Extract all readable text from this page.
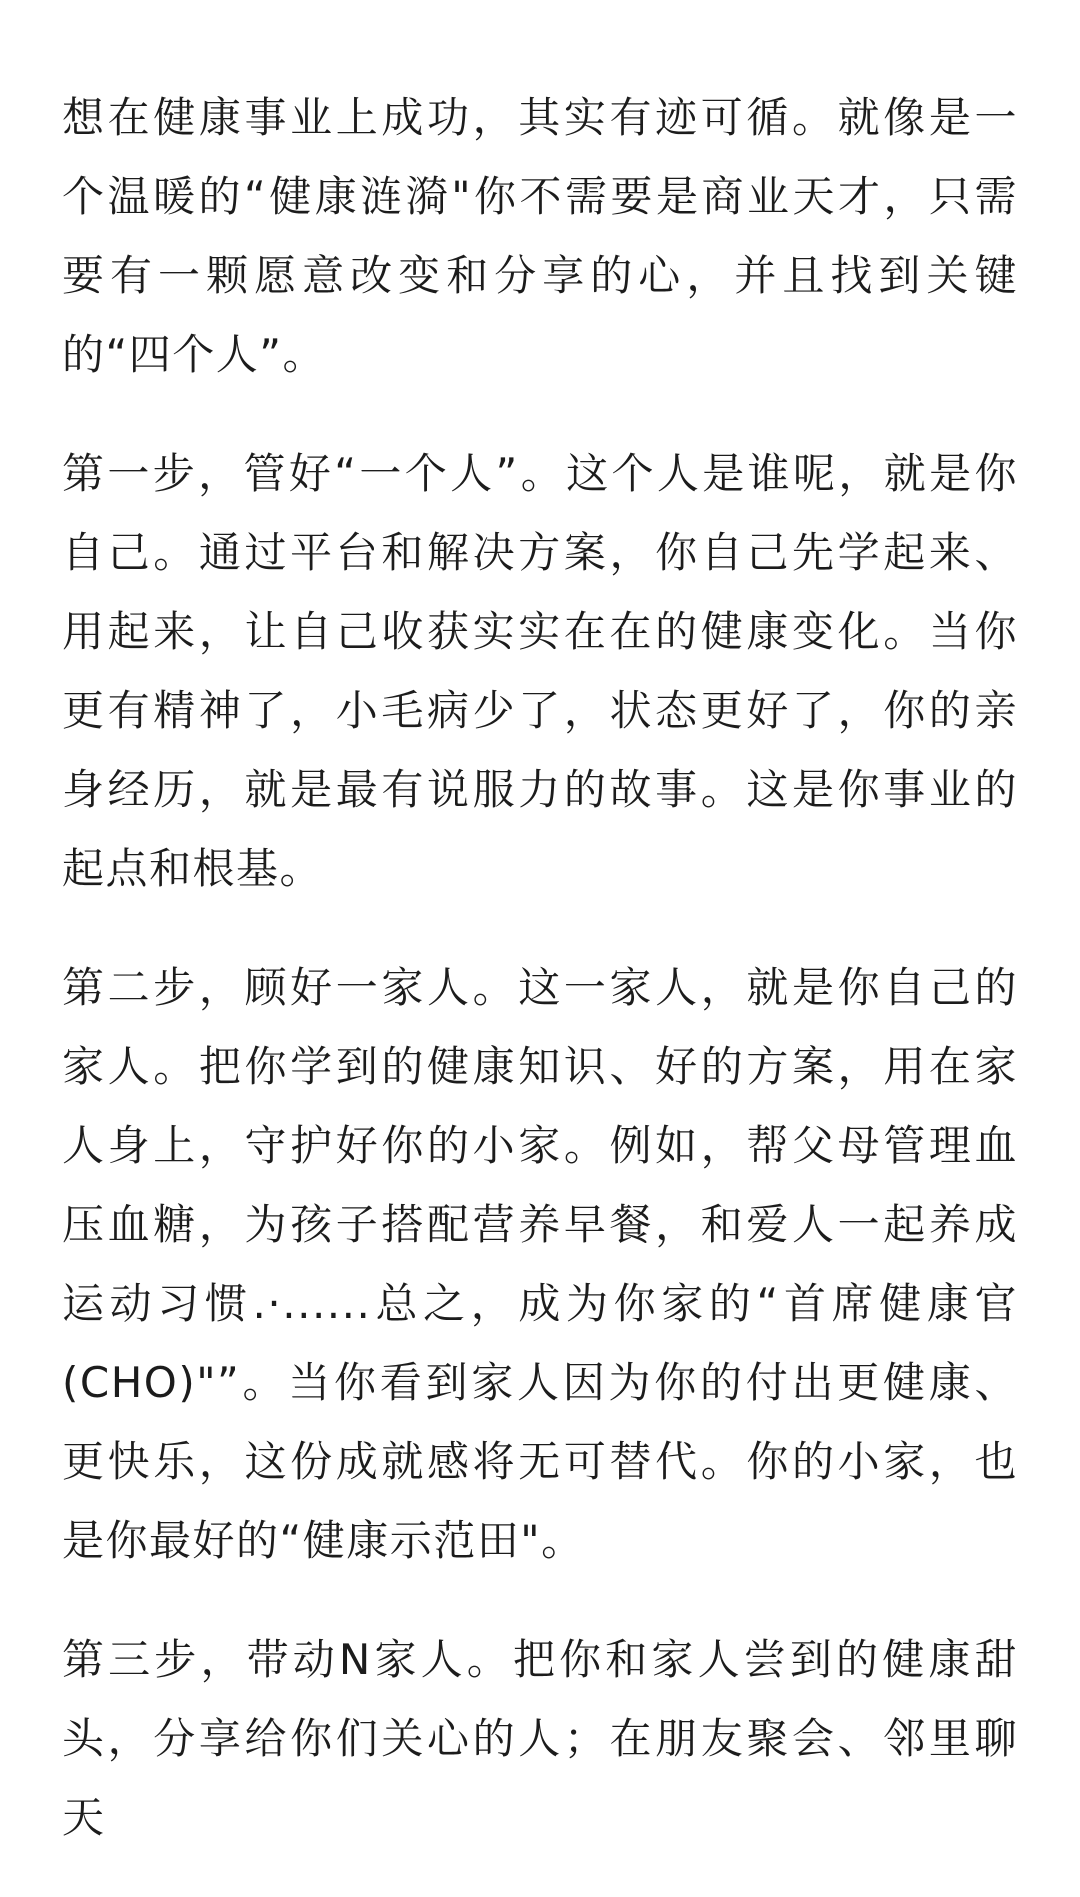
想在健康事业上成功，其实有迹可循。就像是一个温暖的“健康涟漪"你不需要是商业天才，只需要有一颗愿意改变和分享的心，并且找到关键的“四个人”。

第一步，管好“一个人”。这个人是谁呢，就是你自己。通过平台和解决方案，你自己先学起来、 用起来，让自己收获实实在在的健康变化。当你更有精神了，小毛病少了，状态更好了，你的亲身经历，就是最有说服力的故事。这是你事业的起点和根基。

第二步，顾好一家人。这一家人，就是你自己的家人。把你学到的健康知识、好的方案，用在家人身上，守护好你的小家。例如，帮父母管理血压血糖，为孩子搭配营养早餐，和爱人一起养成运动习惯.·......总之，成为你家的“首席健康官(CHO)"”。当你看到家人因为你的付出更健康、更快乐，这份成就感将无可替代。你的小家，也是你最好的“健康示范田"。

第三步，带动N家人。把你和家人尝到的健康甜头，分享给你们关心的人；在朋友聚会、邻里聊天
